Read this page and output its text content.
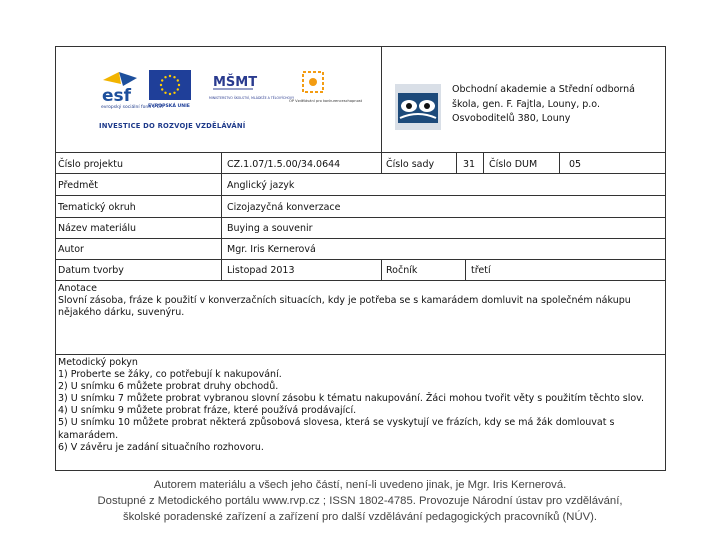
esf
evropský sociální fond v ČR
EVROPSKÁ UNIE
MŠMT
MINISTERSTVO ŠKOLSTVÍ, MLÁDEŽE A TĚLOVÝCHOVY
OP Vzdělávání pro konkurenceschopnost
INVESTICE DO ROZVOJE VZDĚLÁVÁNÍ
Obchodní akademie a Střední odborná
škola, gen. F. Fajtla, Louny, p.o.
Osvoboditelů 380, Louny
Číslo projektu	CZ.1.07/1.5.00/34.0644	Číslo sady	31 Číslo DUM	05
Předmět	Anglický jazyk
Tematický okruh	Cizojazyčná konverzace
Název materiálu	Buying a souvenir
Autor	Mgr. Iris Kernerová
Datum tvorby	Listopad 2013	Ročník	třetí
Anotace
Slovní zásoba, fráze k použití v konverzačních situacích, kdy je potřeba se s kamarádem domluvit na společném nákupu
nějakého dárku, suvenýru.
Metodický pokyn
1) Proberte se žáky, co potřebují k nakupování.
2) U snímku 6 můžete probrat druhy obchodů.
3) U snímku 7 můžete probrat vybranou slovní zásobu k tématu nakupování. Žáci mohou tvořit věty s použitím těchto slov.
4) U snímku 9 můžete probrat fráze, které používá prodávající.
5) U snímku 10 můžete probrat některá způsobová slovesa, která se vyskytují ve frázích, kdy se má žák domlouvat s
kamarádem.
6) V závěru je zadání situačního rozhovoru.
Autorem materiálu a všech jeho částí, není-li uvedeno jinak, je Mgr. Iris Kernerová.
Dostupné z Metodického portálu www.rvp.cz ; ISSN 1802-4785. Provozuje Národní ústav pro vzdělávání,
školské poradenské zařízení a zařízení pro další vzdělávání pedagogických pracovníků (NÚV).
